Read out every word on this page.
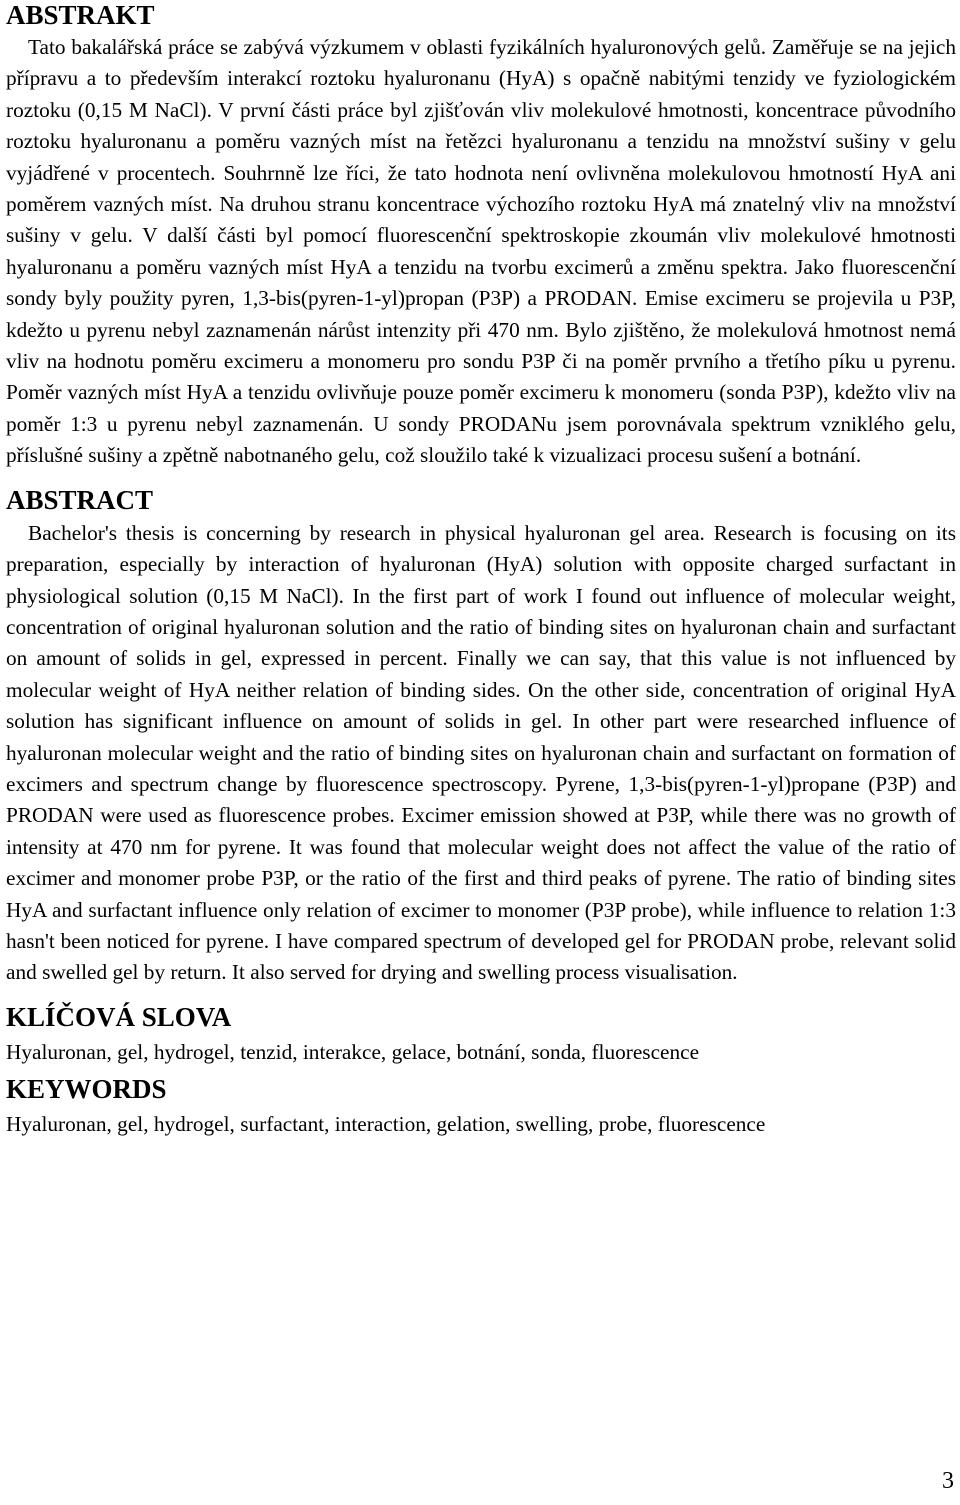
ABSTRAKT

Tato bakalářská práce se zabývá výzkumem v oblasti fyzikálních hyaluronových gelů. Zaměřuje se na jejich přípravu a to především interakcí roztoku hyaluronanu (HyA) s opačně nabitými tenzidy ve fyziologickém roztoku (0,15 M NaCl). V první části práce byl zjišťován vliv molekulové hmotnosti, koncentrace původního roztoku hyaluronanu a poměru vazných míst na řetězci hyaluronanu a tenzidu na množství sušiny v gelu vyjádřené v procentech. Souhrnně lze říci, že tato hodnota není ovlivněna molekulovou hmotností HyA ani poměrem vazných míst. Na druhou stranu koncentrace výchozího roztoku HyA má znatelný vliv na množství sušiny v gelu. V další části byl pomocí fluorescenční spektroskopie zkoumán vliv molekulové hmotnosti hyaluronanu a poměru vazných míst HyA a tenzidu na tvorbu excimerů a změnu spektra. Jako fluorescenční sondy byly použity pyren, 1,3-bis(pyren-1-yl)propan (P3P) a PRODAN. Emise excimeru se projevila u P3P, kdežto u pyrenu nebyl zaznamenán nárůst intenzity při 470 nm. Bylo zjištěno, že molekulová hmotnost nemá vliv na hodnotu poměru excimeru a monomeru pro sondu P3P či na poměr prvního a třetího píku u pyrenu. Poměr vazných míst HyA a tenzidu ovlivňuje pouze poměr excimeru k monomeru (sonda P3P), kdežto vliv na poměr 1:3 u pyrenu nebyl zaznamenán. U sondy PRODANu jsem porovnávala spektrum vzniklého gelu, příslušné sušiny a zpětně nabotnaného gelu, což sloužilo také k vizualizaci procesu sušení a botnání.

ABSTRACT

Bachelor's thesis is concerning by research in physical hyaluronan gel area. Research is focusing on its preparation, especially by interaction of hyaluronan (HyA) solution with opposite charged surfactant in physiological solution (0,15 M NaCl). In the first part of work I found out influence of molecular weight, concentration of original hyaluronan solution and the ratio of binding sites on hyaluronan chain and surfactant on amount of solids in gel, expressed in percent. Finally we can say, that this value is not influenced by molecular weight of HyA neither relation of binding sides. On the other side, concentration of original HyA solution has significant influence on amount of solids in gel. In other part were researched influence of hyaluronan molecular weight and the ratio of binding sites on hyaluronan chain and surfactant on formation of excimers and spectrum change by fluorescence spectroscopy. Pyrene, 1,3-bis(pyren-1-yl)propane (P3P) and PRODAN were used as fluorescence probes. Excimer emission showed at P3P, while there was no growth of intensity at 470 nm for pyrene. It was found that molecular weight does not affect the value of the ratio of excimer and monomer probe P3P, or the ratio of the first and third peaks of pyrene. The ratio of binding sites HyA and surfactant influence only relation of excimer to monomer (P3P probe), while influence to relation 1:3 hasn't been noticed for pyrene. I have compared spectrum of developed gel for PRODAN probe, relevant solid and swelled gel by return. It also served for drying and swelling process visualisation.

KLÍČOVÁ SLOVA

Hyaluronan, gel, hydrogel, tenzid, interakce, gelace, botnání, sonda, fluorescence

KEYWORDS

Hyaluronan, gel, hydrogel, surfactant, interaction, gelation, swelling, probe, fluorescence

3
